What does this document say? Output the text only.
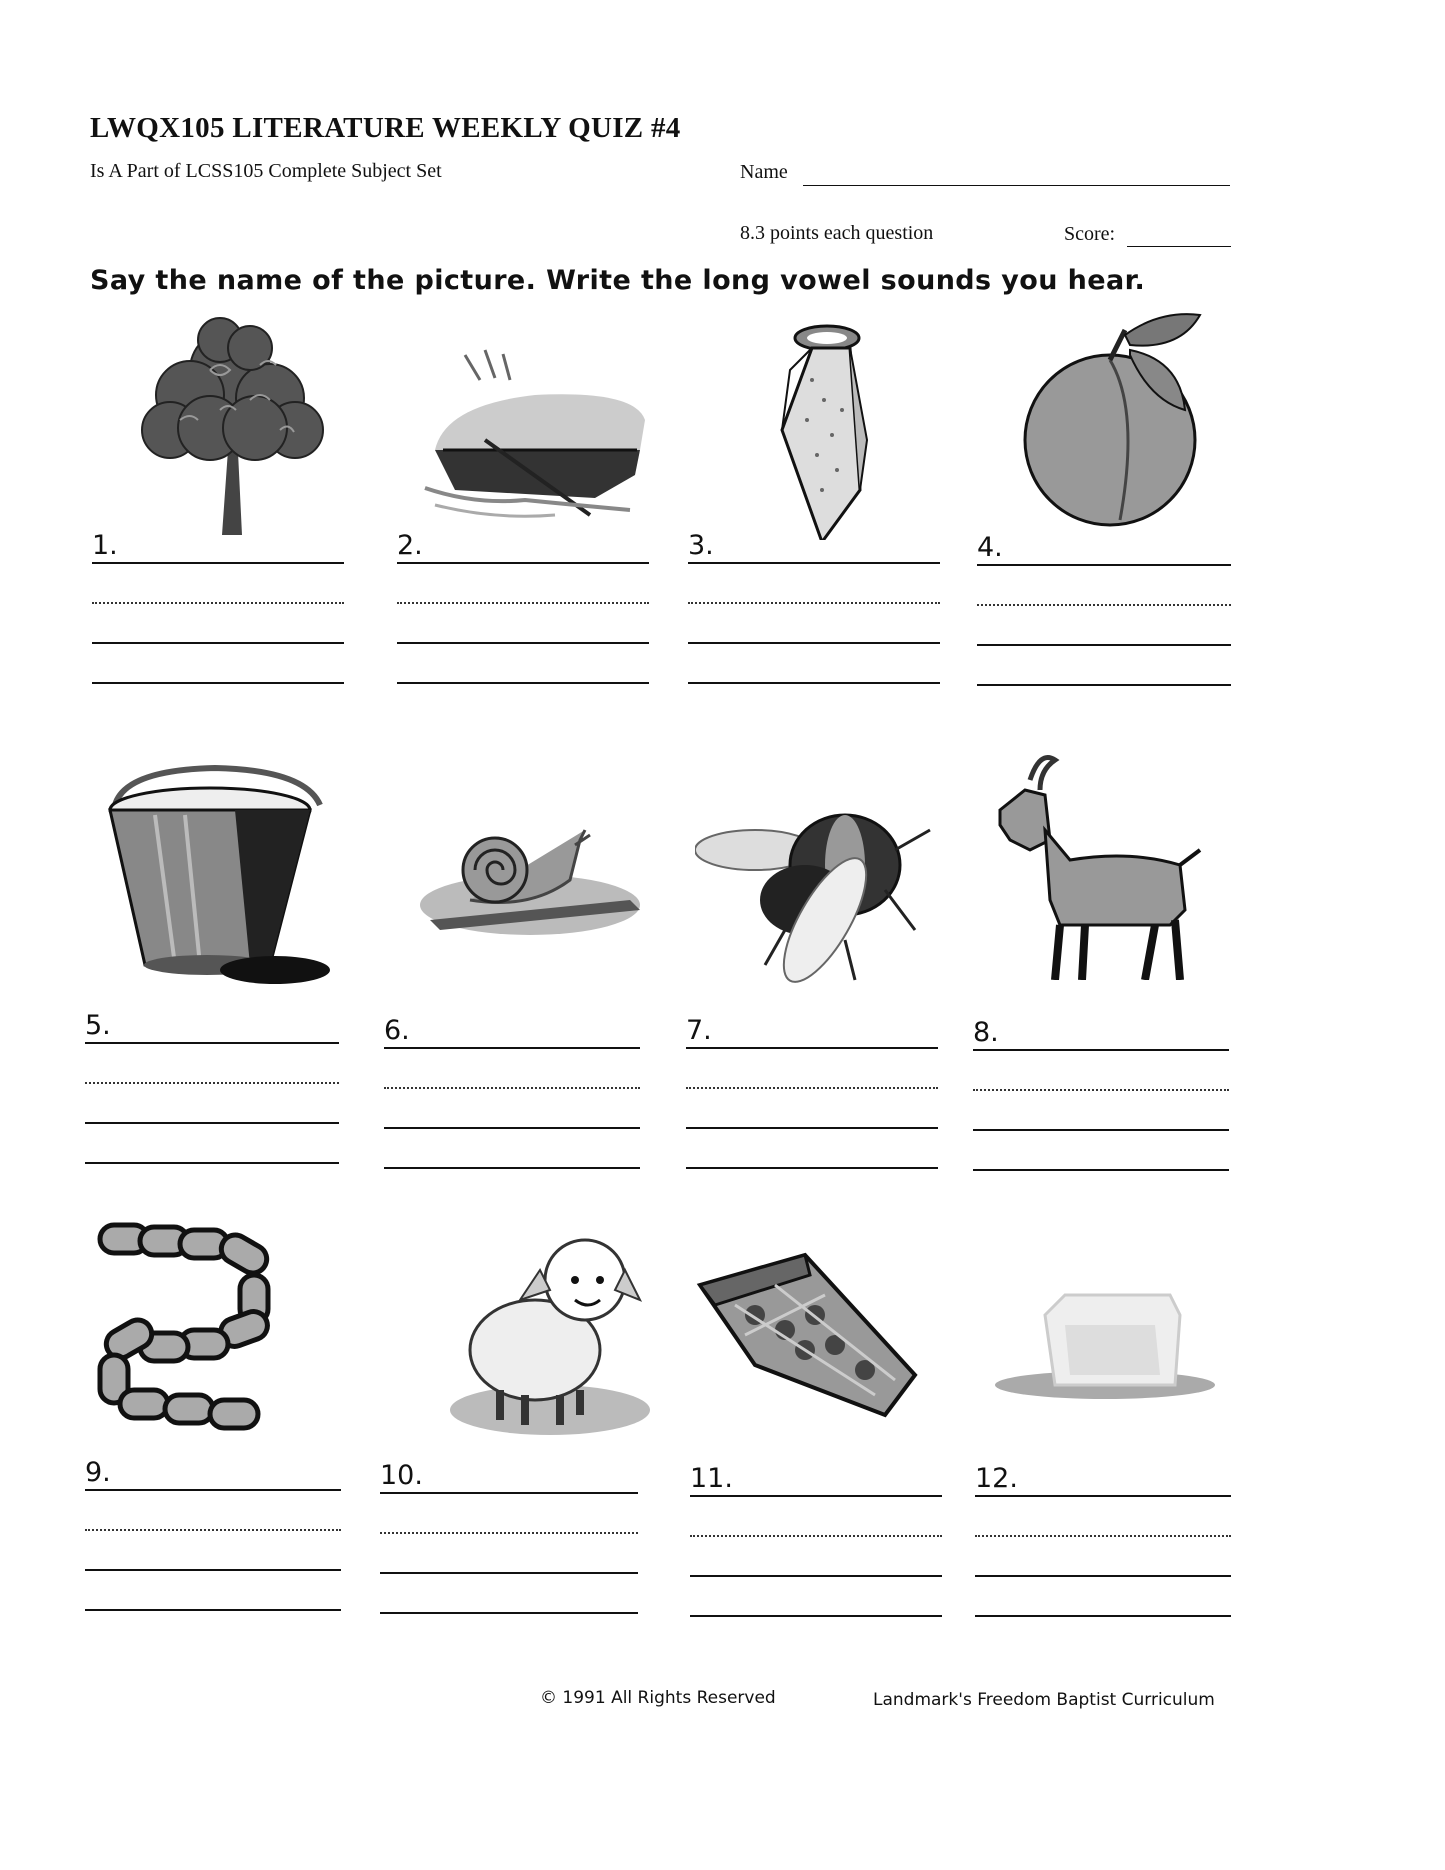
LWQX105 LITERATURE WEEKLY QUIZ #4
Is A Part of LCSS105 Complete Subject Set	Name
8.3 points each question	Score:
Say the name of the picture. Write the long vowel sounds you hear.
1.	2.	3.	4.
5.	6.	7.	8.
9.	10.	11.	12.
© 1991 All Rights Reserved	Landmark's Freedom Baptist Curriculum
